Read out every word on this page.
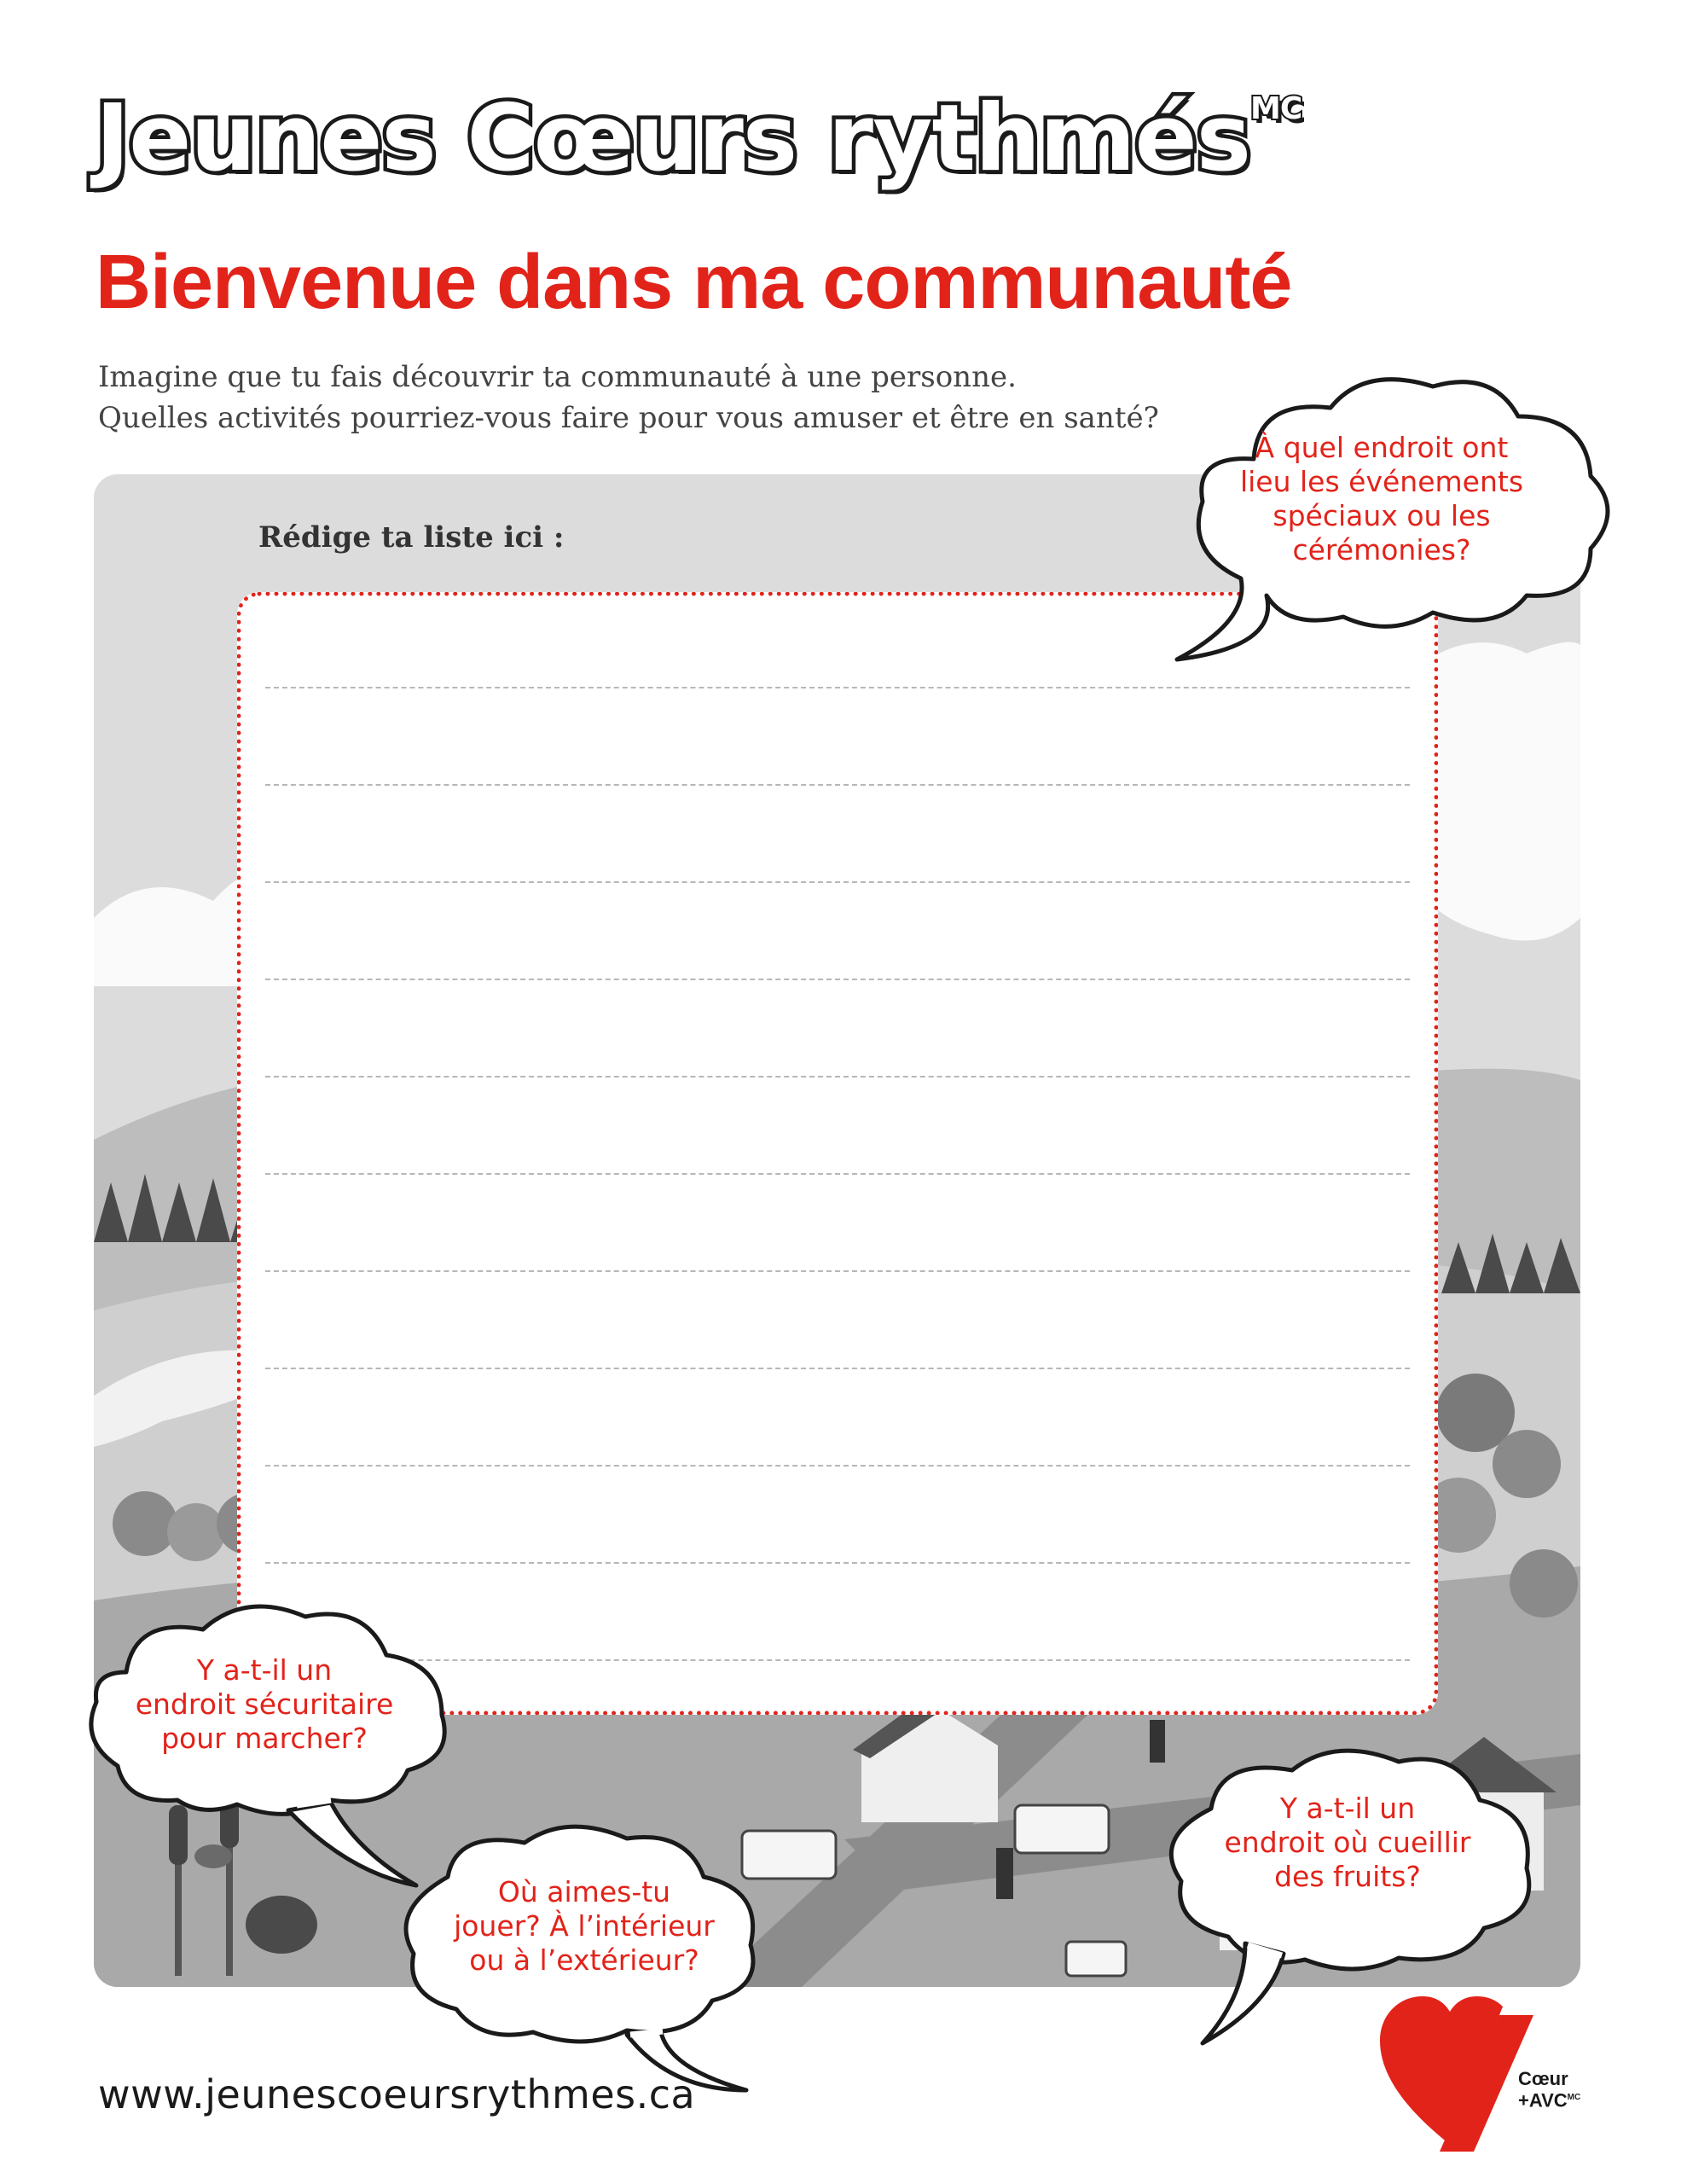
Jeunes Cœurs rythmés$^{MC}$
Bienvenue dans ma communauté

Imagine que tu fais découvrir ta communauté à une personne.

Quelles activités pourriez-vous faire pour vous amuser et être en santé?

Rédige ta liste ici :

À quel endroit ont
lieu les événements
spéciaux ou les
cérémonies?
Y a-t-il un
endroit sécuritaire
pour marcher?
Où aimes-tu
jouer? À l’intérieur
ou à l’extérieur?
Y a-t-il un
endroit où cueillir
des fruits?

www.jeunescoeursrythmes.ca	Cœur
$+AVC^{MC}$
